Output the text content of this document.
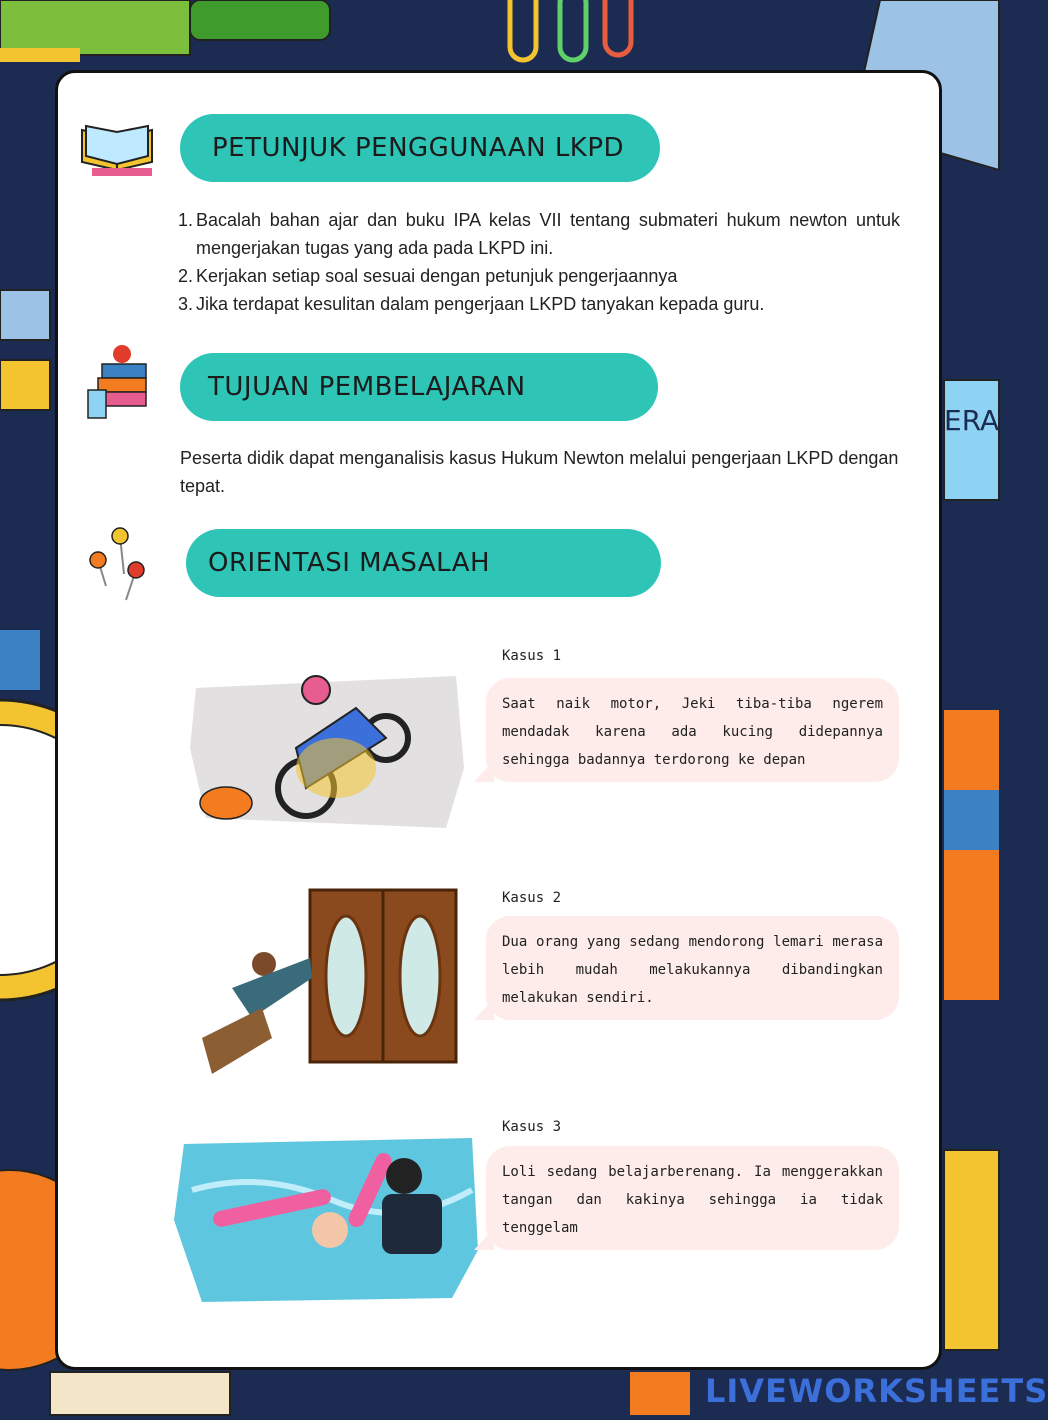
ERA
PETUNJUK PENGGUNAAN LKPD
1. Bacalah bahan ajar dan buku IPA kelas VII tentang submateri hukum newton untuk mengerjakan tugas yang ada pada LKPD ini.
2. Kerjakan setiap soal sesuai dengan petunjuk pengerjaannya
3. Jika terdapat kesulitan dalam pengerjaan LKPD tanyakan kepada guru.
TUJUAN PEMBELAJARAN
Peserta didik dapat menganalisis kasus Hukum Newton melalui pengerjaan LKPD dengan tepat.
ORIENTASI MASALAH
Kasus 1
Saat naik motor, Jeki tiba-tiba ngerem mendadak karena ada kucing didepannya sehingga badannya terdorong ke depan
Kasus 2
Dua orang yang sedang mendorong lemari merasa lebih mudah melakukannya dibandingkan melakukan sendiri.
Kasus 3
Loli sedang belajarberenang. Ia menggerakkan tangan dan kakinya sehingga ia tidak tenggelam
LIVEWORKSHEETS
